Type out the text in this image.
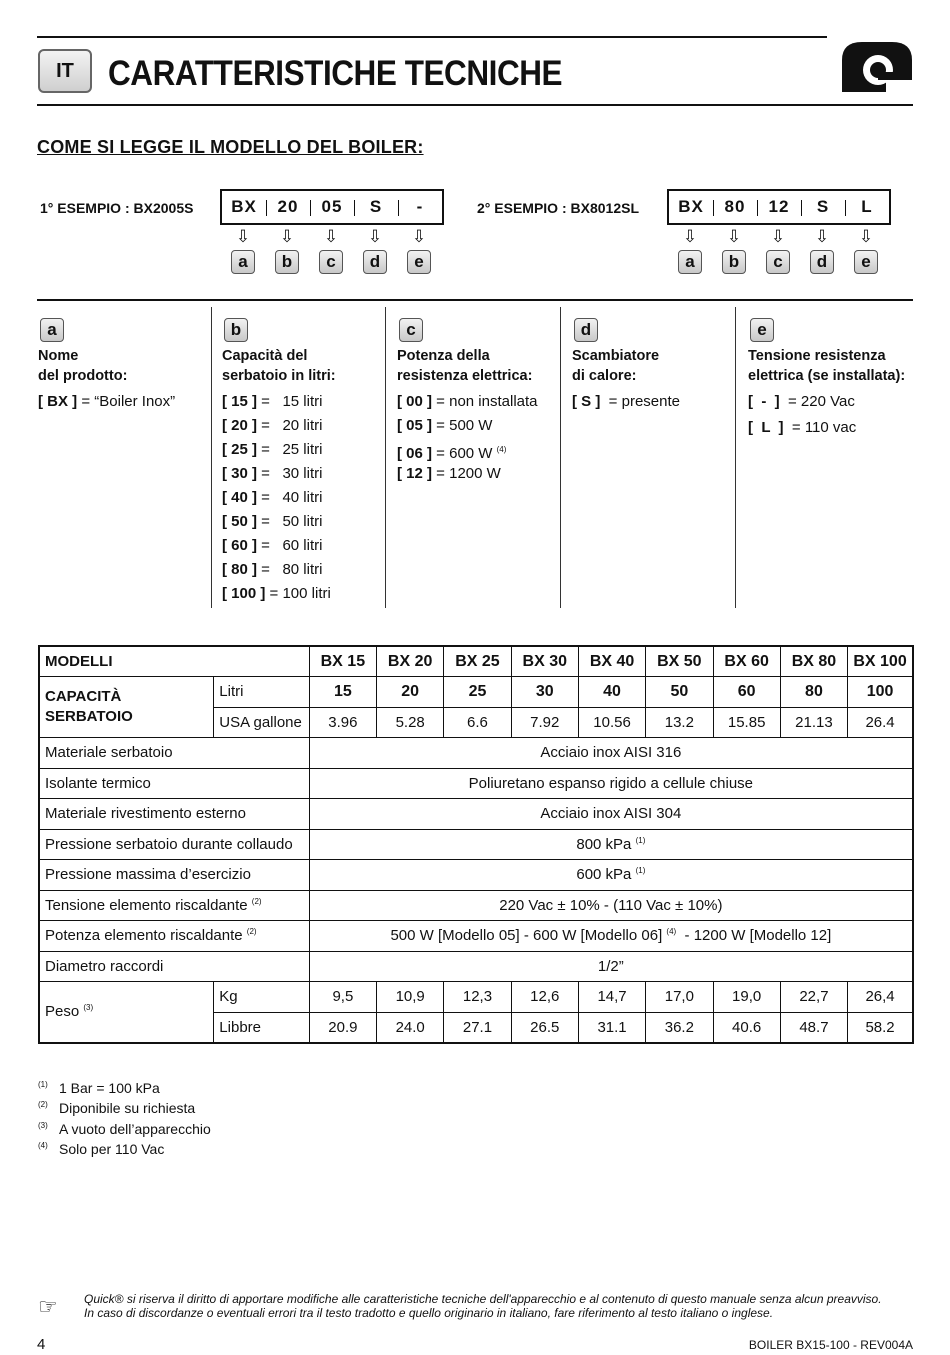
IT CARATTERISTICHE TECNICHE
COME SI LEGGE IL MODELLO DEL BOILER:
1° ESEMPIO : BX2005S	BX	20	05	S	-
⇩	⇩	⇩	⇩	⇩
a	b	c	d	e
2° ESEMPIO : BX8012SL	BX	80	12	S	L
⇩	⇩	⇩	⇩	⇩
a	b	c	d	e
a
Nome
del prodotto:
[ BX ] = “Boiler Inox”
b
Capacità del
serbatoio in litri:
[ 15 ] =   15 litri
[ 20 ] =   20 litri
[ 25 ] =   25 litri
[ 30 ] =   30 litri
[ 40 ] =   40 litri
[ 50 ] =   50 litri
[ 60 ] =   60 litri
[ 80 ] =   80 litri
[ 100 ] = 100 litri
c
Potenza della
resistenza elettrica:
[ 00 ] = non installata
[ 05 ] = 500 W
[ 06 ] = 600 W $^{(4)}$
[ 12 ] = 1200 W
d
Scambiatore
di calore:
[ S ]  = presente
e
Tensione resistenza
elettrica (se installata):
[  -  ]  = 220 Vac
[  L  ]  = 110 vac
MODELLI		BX 15	BX 20	BX 25	BX 30	BX 40	BX 50	BX 60	BX 80	BX 100
CAPACITÀ SERBATOIO	Litri	15	20	25	30	40	50	60	80	100
	USA gallone	3.96	5.28	6.6	7.92	10.56	13.2	15.85	21.13	26.4
Materiale serbatoio		Acciaio inox AISI 316								
Isolante termico		Poliuretano espanso rigido a cellule chiuse								
Materiale rivestimento esterno		Acciaio inox AISI 304								
Pressione serbatoio durante collaudo		800 kPa $^{(1)}$
Pressione massima d’esercizio		600 kPa $^{(1)}$
Tensione elemento riscaldante $^{(2)}$		220 Vac ± 10% - (110 Vac ± 10%)								
Potenza elemento riscaldante $^{(2)}$		500 W [Modello 05] - 600 W [Modello 06] $^{(4)}$  - 1200 W [Modello 12]								
Diametro raccordi		1/2”								
Peso $^{(3)}$	Kg	9,5	10,9	12,3	12,6	14,7	17,0	19,0	22,7	26,4
	Libbre	20.9	24.0	27.1	26.5	31.1	36.2	40.6	48.7	58.2
(1) 1 Bar = 100 kPa
(2) Diponibile su richiesta
(3) A vuoto dell’apparecchio
(4) Solo per 110 Vac
☞ Quick® si riserva il diritto di apportare modifiche alle caratteristiche tecniche dell'apparecchio e al contenuto di questo manuale senza alcun preavviso.
In caso di discordanze o eventuali errori tra il testo tradotto e quello originario in italiano, fare riferimento al testo italiano o inglese.
4	BOILER BX15-100 - REV004A
